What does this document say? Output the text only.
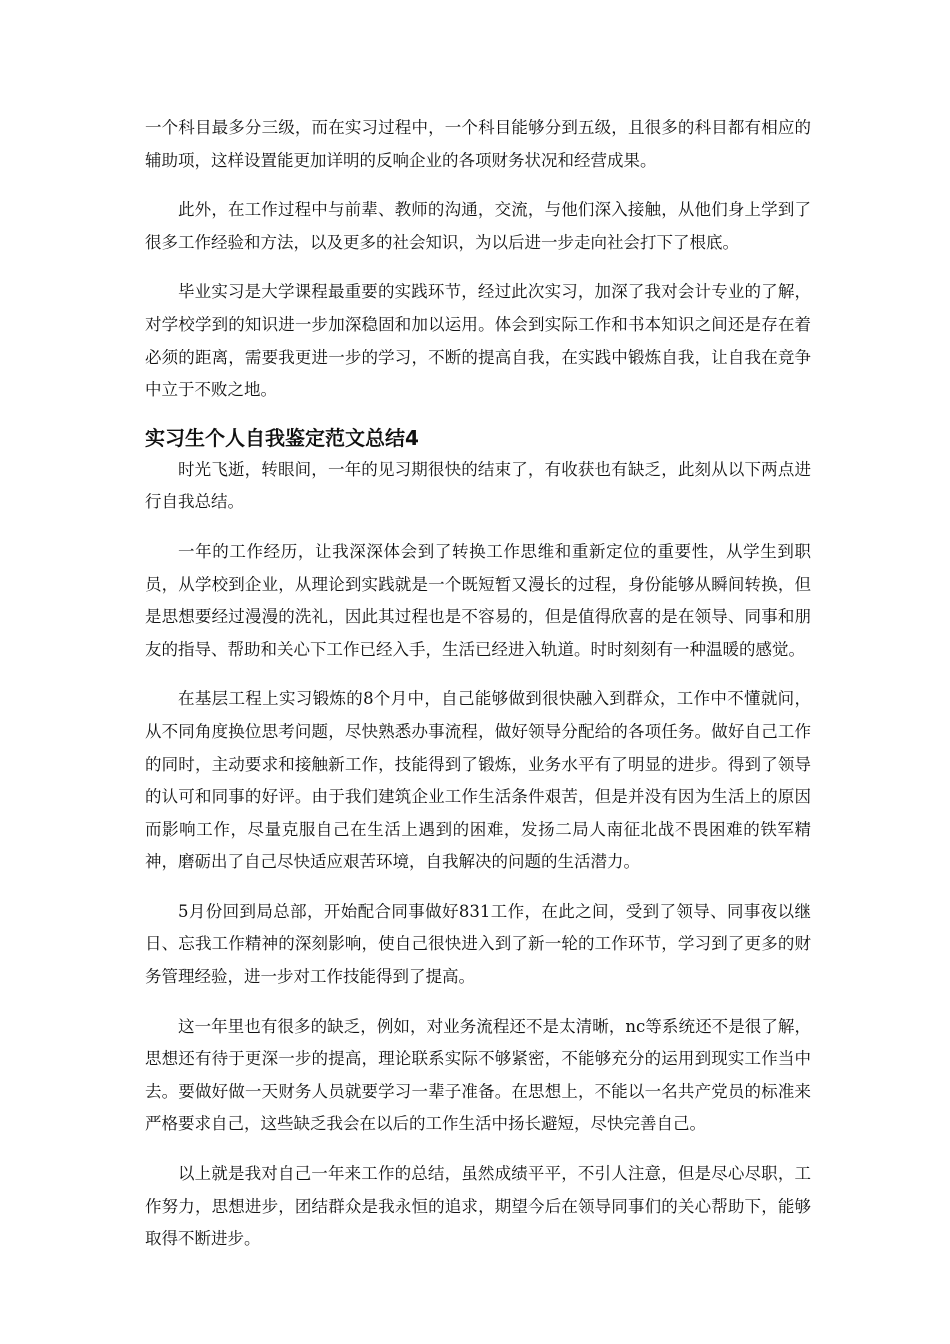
一个科目最多分三级，而在实习过程中，一个科目能够分到五级，且很多的科目都有相应的辅助项，这样设置能更加详明的反响企业的各项财务状况和经营成果。

此外，在工作过程中与前辈、教师的沟通，交流，与他们深入接触，从他们身上学到了很多工作经验和方法，以及更多的社会知识，为以后进一步走向社会打下了根底。

毕业实习是大学课程最重要的实践环节，经过此次实习，加深了我对会计专业的了解，对学校学到的知识进一步加深稳固和加以运用。体会到实际工作和书本知识之间还是存在着必须的距离，需要我更进一步的学习，不断的提高自我，在实践中锻炼自我，让自我在竞争中立于不败之地。

实习生个人自我鉴定范文总结4

时光飞逝，转眼间，一年的见习期很快的结束了，有收获也有缺乏，此刻从以下两点进行自我总结。

一年的工作经历，让我深深体会到了转换工作思维和重新定位的重要性，从学生到职员，从学校到企业，从理论到实践就是一个既短暂又漫长的过程，身份能够从瞬间转换，但是思想要经过漫漫的洗礼，因此其过程也是不容易的，但是值得欣喜的是在领导、同事和朋友的指导、帮助和关心下工作已经入手，生活已经进入轨道。时时刻刻有一种温暖的感觉。

在基层工程上实习锻炼的8个月中，自己能够做到很快融入到群众，工作中不懂就问，从不同角度换位思考问题，尽快熟悉办事流程，做好领导分配给的各项任务。做好自己工作的同时，主动要求和接触新工作，技能得到了锻炼，业务水平有了明显的进步。得到了领导的认可和同事的好评。由于我们建筑企业工作生活条件艰苦，但是并没有因为生活上的原因而影响工作，尽量克服自己在生活上遇到的困难，发扬二局人南征北战不畏困难的铁军精神，磨砺出了自己尽快适应艰苦环境，自我解决的问题的生活潜力。

5月份回到局总部，开始配合同事做好831工作，在此之间，受到了领导、同事夜以继日、忘我工作精神的深刻影响，使自己很快进入到了新一轮的工作环节，学习到了更多的财务管理经验，进一步对工作技能得到了提高。

这一年里也有很多的缺乏，例如，对业务流程还不是太清晰，nc等系统还不是很了解，思想还有待于更深一步的提高，理论联系实际不够紧密，不能够充分的运用到现实工作当中去。要做好做一天财务人员就要学习一辈子准备。在思想上，不能以一名共产党员的标准来严格要求自己，这些缺乏我会在以后的工作生活中扬长避短，尽快完善自己。

以上就是我对自己一年来工作的总结，虽然成绩平平，不引人注意，但是尽心尽职，工作努力，思想进步，团结群众是我永恒的追求，期望今后在领导同事们的关心帮助下，能够取得不断进步。
